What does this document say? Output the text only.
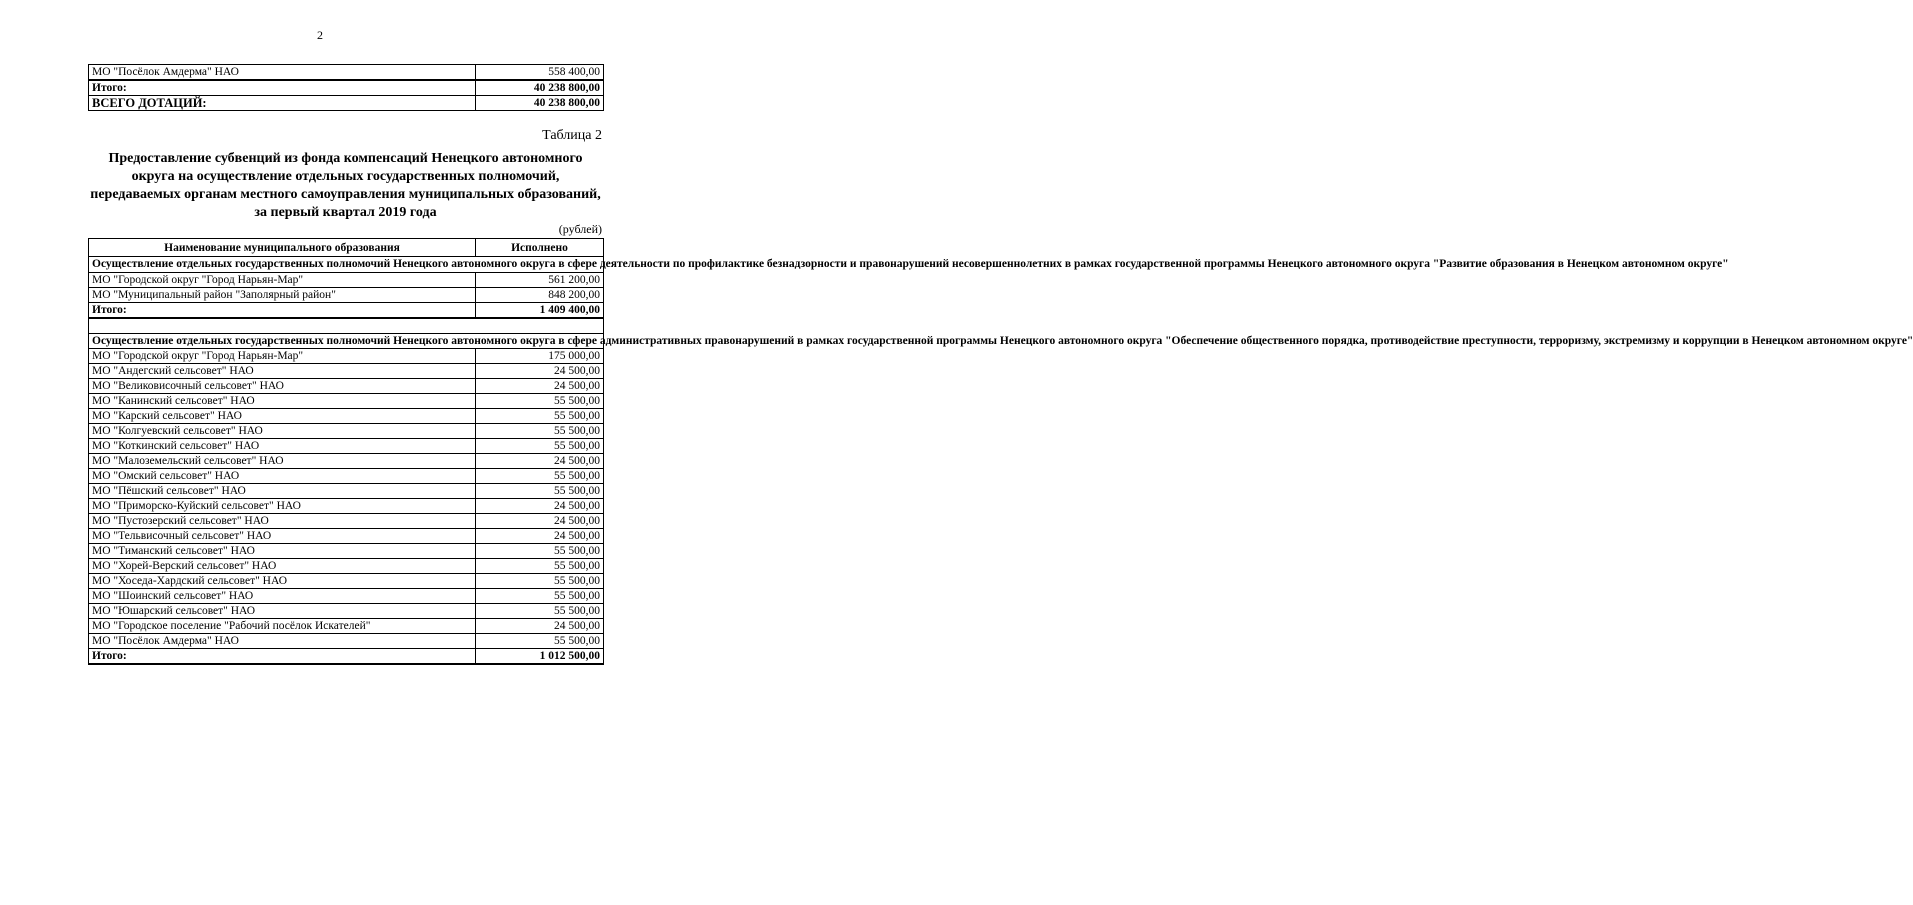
2
МО "Посёлок Амдерма" НАО	558 400,00
Итого:	40 238 800,00
ВСЕГО ДОТАЦИЙ:	40 238 800,00
Таблица 2
Предоставление субвенций из фонда компенсаций Ненецкого автономного округа на осуществление отдельных государственных полномочий, передаваемых органам местного самоуправления муниципальных образований, за первый квартал 2019 года
(рублей)
Наименование муниципального образования	Исполнено
Осуществление отдельных государственных полномочий Ненецкого автономного округа в сфере деятельности по профилактике безнадзорности и правонарушений несовершеннолетних в рамках государственной программы Ненецкого автономного округа "Развитие образования в Ненецком автономном округе"	
МО "Городской округ "Город Нарьян-Мар"	561 200,00
МО "Муниципальный район "Заполярный район"	848 200,00
Итого:	1 409 400,00

Осуществление отдельных государственных полномочий Ненецкого автономного округа в сфере административных правонарушений в рамках государственной программы Ненецкого автономного округа "Обеспечение общественного порядка, противодействие преступности, терроризму, экстремизму и коррупции в Ненецком автономном округе"	
МО "Городской округ "Город Нарьян-Мар"	175 000,00
МО "Андегский сельсовет" НАО	24 500,00
МО "Великовисочный сельсовет" НАО	24 500,00
МО "Канинский сельсовет" НАО	55 500,00
МО "Карский сельсовет" НАО	55 500,00
МО "Колгуевский сельсовет" НАО	55 500,00
МО "Коткинский сельсовет" НАО	55 500,00
МО "Малоземельский сельсовет" НАО	24 500,00
МО "Омский сельсовет" НАО	55 500,00
МО "Пёшский сельсовет" НАО	55 500,00
МО "Приморско-Куйский сельсовет" НАО	24 500,00
МО "Пустозерский сельсовет" НАО	24 500,00
МО "Тельвисочный сельсовет" НАО	24 500,00
МО "Тиманский сельсовет" НАО	55 500,00
МО "Хорей-Верский сельсовет" НАО	55 500,00
МО "Хоседа-Хардский сельсовет" НАО	55 500,00
МО "Шоинский сельсовет" НАО	55 500,00
МО "Юшарский сельсовет" НАО	55 500,00
МО "Городское поселение "Рабочий посёлок Искателей"	24 500,00
МО "Посёлок Амдерма" НАО	55 500,00
Итого:	1 012 500,00
